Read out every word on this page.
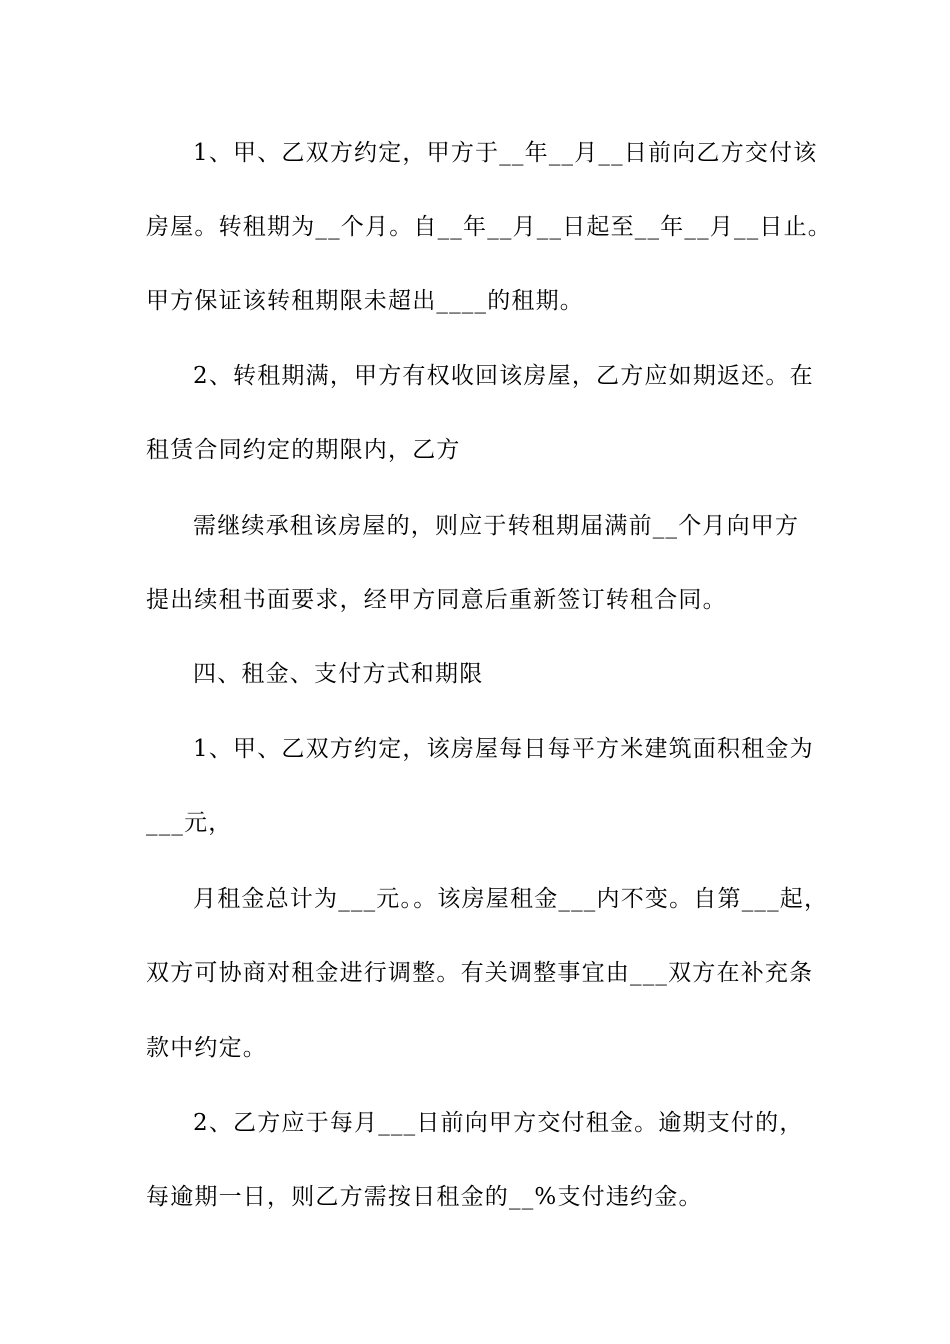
1、甲、乙双方约定，甲方于__年__月__日前向乙方交付该
房屋。转租期为__个月。自__年__月__日起至__年__月__日止。
甲方保证该转租期限未超出____的租期。
2、转租期满，甲方有权收回该房屋，乙方应如期返还。在
租赁合同约定的期限内，乙方
需继续承租该房屋的，则应于转租期届满前__个月向甲方
提出续租书面要求，经甲方同意后重新签订转租合同。
四、租金、支付方式和期限
1、甲、乙双方约定，该房屋每日每平方米建筑面积租金为
___元，
月租金总计为___元。。该房屋租金___内不变。自第___起，
双方可协商对租金进行调整。有关调整事宜由___双方在补充条
款中约定。
2、乙方应于每月___日前向甲方交付租金。逾期支付的，
每逾期一日，则乙方需按日租金的__%支付违约金。
